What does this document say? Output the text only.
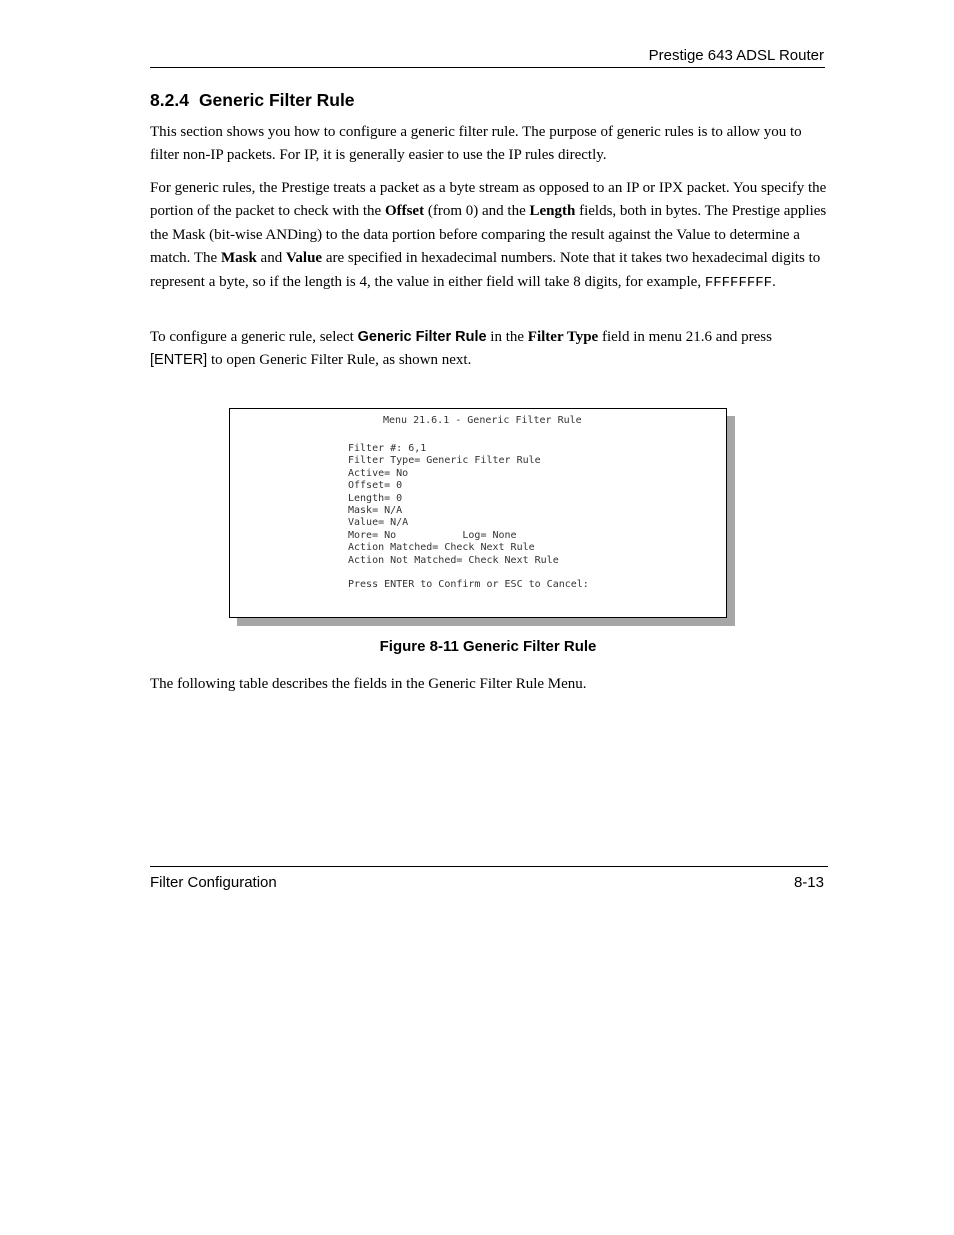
Prestige 643 ADSL Router
8.2.4 Generic Filter Rule

This section shows you how to configure a generic filter rule. The purpose of generic rules is to allow you to filter non-IP packets. For IP, it is generally easier to use the IP rules directly.

For generic rules, the Prestige treats a packet as a byte stream as opposed to an IP or IPX packet. You specify the portion of the packet to check with the Offset (from 0) and the Length fields, both in bytes. The Prestige applies the Mask (bit-wise ANDing) to the data portion before comparing the result against the Value to determine a match. The Mask and Value are specified in hexadecimal numbers. Note that it takes two hexadecimal digits to represent a byte, so if the length is 4, the value in either field will take 8 digits, for example, FFFFFFFF.

To configure a generic rule, select Generic Filter Rule in the Filter Type field in menu 21.6 and press [ENTER] to open Generic Filter Rule, as shown next.

Menu 21.6.1 - Generic Filter Rule
Filter #: 6,1
Filter Type= Generic Filter Rule
Active= No
Offset= 0
Length= 0
Mask= N/A
Value= N/A
More= No           Log= None
Action Matched= Check Next Rule
Action Not Matched= Check Next Rule
Press ENTER to Confirm or ESC to Cancel:
Figure 8-11 Generic Filter Rule

The following table describes the fields in the Generic Filter Rule Menu.

Filter Configuration	8-13
